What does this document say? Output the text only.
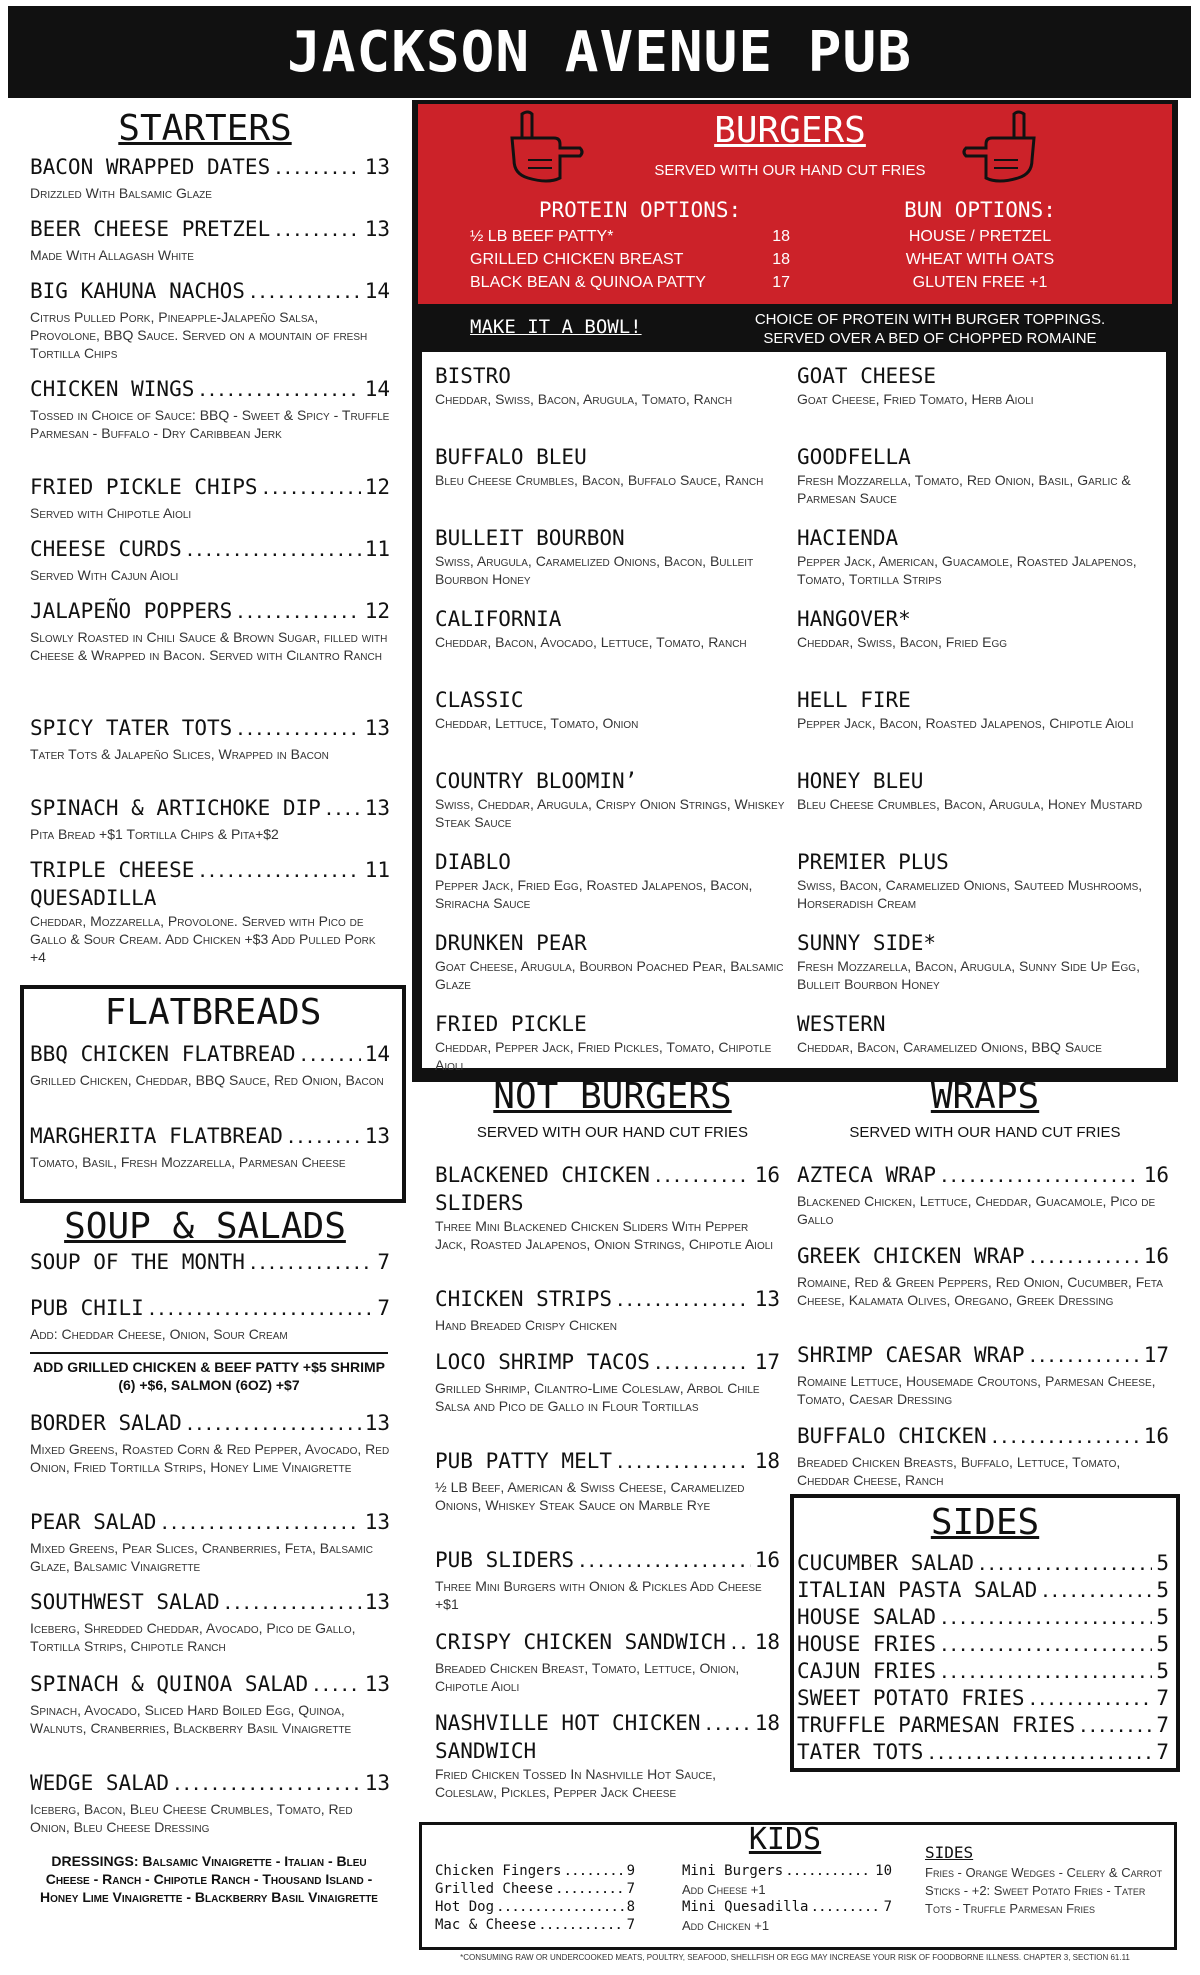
JACKSON AVENUE PUB
STARTERS
BACON WRAPPED DATES .....	13
Drizzled With Balsamic Glaze
BEER CHEESE PRETZEL .....	13
Made With Allagash White
BIG KAHUNA NACHOS .....	14
Citrus Pulled Pork, Pineapple-Jalapeño Salsa, Provolone, BBQ Sauce. Served on a mountain of fresh Tortilla Chips
CHICKEN WINGS .....	14
Tossed in Choice of Sauce: BBQ - Sweet & Spicy - Truffle Parmesan - Buffalo - Dry Caribbean Jerk
FRIED PICKLE CHIPS .....	12
Served with Chipotle Aioli
CHEESE CURDS .....	11
Served With Cajun Aioli
JALAPEÑO POPPERS .....	12
Slowly Roasted in Chili Sauce & Brown Sugar, filled with Cheese & Wrapped in Bacon. Served with Cilantro Ranch
SPICY TATER TOTS .....	13
Tater Tots & Jalapeño Slices, Wrapped in Bacon
SPINACH & ARTICHOKE DIP ..... 13
Pita Bread +$1 Tortilla Chips & Pita+$2
TRIPLE CHEESE .....	11
QUESADILLA
Cheddar, Mozzarella, Provolone. Served with Pico de Gallo & Sour Cream. Add Chicken +$3 Add Pulled Pork +4
FLATBREADS
BBQ CHICKEN FLATBREAD .....	14
Grilled Chicken, Cheddar, BBQ Sauce, Red Onion, Bacon
MARGHERITA FLATBREAD .....	13
Tomato, Basil, Fresh Mozzarella, Parmesan Cheese
SOUP & SALADS
SOUP OF THE MONTH .....	7
PUB CHILI .....	7
Add: Cheddar Cheese, Onion, Sour Cream
ADD GRILLED CHICKEN & BEEF PATTY +$5 SHRIMP (6) +$6, SALMON (6OZ) +$7
BORDER SALAD .....	13
Mixed Greens, Roasted Corn & Red Pepper, Avocado, Red Onion, Fried Tortilla Strips, Honey Lime Vinaigrette
PEAR SALAD .....	13
Mixed Greens, Pear Slices, Cranberries, Feta, Balsamic Glaze, Balsamic Vinaigrette
SOUTHWEST SALAD .....	13
Iceberg, Shredded Cheddar, Avocado, Pico de Gallo, Tortilla Strips, Chipotle Ranch
SPINACH & QUINOA SALAD .....	13
Spinach, Avocado, Sliced Hard Boiled Egg, Quinoa, Walnuts, Cranberries, Blackberry Basil Vinaigrette
WEDGE SALAD .....	13
Iceberg, Bacon, Bleu Cheese Crumbles, Tomato, Red Onion, Bleu Cheese Dressing
DRESSINGS: Balsamic Vinaigrette - Italian - Bleu Cheese - Ranch - Chipotle Ranch - Thousand Island - Honey Lime Vinaigrette - Blackberry Basil Vinaigrette
BURGERS
SERVED WITH OUR HAND CUT FRIES
PROTEIN OPTIONS:
½ LB BEEF PATTY*	18
GRILLED CHICKEN BREAST	18
BLACK BEAN & QUINOA PATTY	17
BUN OPTIONS:
HOUSE / PRETZEL
WHEAT WITH OATS
GLUTEN FREE +1
MAKE IT A BOWL!	CHOICE OF PROTEIN WITH BURGER TOPPINGS.
SERVED OVER A BED OF CHOPPED ROMAINE
BISTRO
Cheddar, Swiss, Bacon, Arugula, Tomato, Ranch
BUFFALO BLEU
Bleu Cheese Crumbles, Bacon, Buffalo Sauce, Ranch
BULLEIT BOURBON
Swiss, Arugula, Caramelized Onions, Bacon, Bulleit Bourbon Honey
CALIFORNIA
Cheddar, Bacon, Avocado, Lettuce, Tomato, Ranch
CLASSIC
Cheddar, Lettuce, Tomato, Onion
COUNTRY BLOOMIN’
Swiss, Cheddar, Arugula, Crispy Onion Strings, Whiskey Steak Sauce
DIABLO
Pepper Jack, Fried Egg, Roasted Jalapenos, Bacon, Sriracha Sauce
DRUNKEN PEAR
Goat Cheese, Arugula, Bourbon Poached Pear, Balsamic Glaze
FRIED PICKLE
Cheddar, Pepper Jack, Fried Pickles, Tomato, Chipotle Aioli
GOAT CHEESE
Goat Cheese, Fried Tomato, Herb Aioli
GOODFELLA
Fresh Mozzarella, Tomato, Red Onion, Basil, Garlic & Parmesan Sauce
HACIENDA
Pepper Jack, American, Guacamole, Roasted Jalapenos, Tomato, Tortilla Strips
HANGOVER*
Cheddar, Swiss, Bacon, Fried Egg
HELL FIRE
Pepper Jack, Bacon, Roasted Jalapenos, Chipotle Aioli
HONEY BLEU
Bleu Cheese Crumbles, Bacon, Arugula, Honey Mustard
PREMIER PLUS
Swiss, Bacon, Caramelized Onions, Sauteed Mushrooms, Horseradish Cream
SUNNY SIDE*
Fresh Mozzarella, Bacon, Arugula, Sunny Side Up Egg, Bulleit Bourbon Honey
WESTERN
Cheddar, Bacon, Caramelized Onions, BBQ Sauce
NOT BURGERS
SERVED WITH OUR HAND CUT FRIES
BLACKENED CHICKEN .....	16
SLIDERS
Three Mini Blackened Chicken Sliders With Pepper Jack, Roasted Jalapenos, Onion Strings, Chipotle Aioli
CHICKEN STRIPS .....	13
Hand Breaded Crispy Chicken
LOCO SHRIMP TACOS .....	17
Grilled Shrimp, Cilantro-Lime Coleslaw, Arbol Chile Salsa and Pico de Gallo in Flour Tortillas
PUB PATTY MELT .....	18
½ LB Beef, American & Swiss Cheese, Caramelized Onions, Whiskey Steak Sauce on Marble Rye
PUB SLIDERS .....	16
Three Mini Burgers with Onion & Pickles Add Cheese +$1
CRISPY CHICKEN SANDWICH ..... 18
Breaded Chicken Breast, Tomato, Lettuce, Onion, Chipotle Aioli
NASHVILLE HOT CHICKEN .....	18
SANDWICH
Fried Chicken Tossed In Nashville Hot Sauce, Coleslaw, Pickles, Pepper Jack Cheese
WRAPS
SERVED WITH OUR HAND CUT FRIES
AZTECA WRAP .....	16
Blackened Chicken, Lettuce, Cheddar, Guacamole, Pico de Gallo
GREEK CHICKEN WRAP .....	16
Romaine, Red & Green Peppers, Red Onion, Cucumber, Feta Cheese, Kalamata Olives, Oregano, Greek Dressing
SHRIMP CAESAR WRAP .....	17
Romaine Lettuce, Housemade Croutons, Parmesan Cheese, Tomato, Caesar Dressing
BUFFALO CHICKEN .....	16
Breaded Chicken Breasts, Buffalo, Lettuce, Tomato, Cheddar Cheese, Ranch
SIDES
CUCUMBER SALAD .....	5
ITALIAN PASTA SALAD .....	5
HOUSE SALAD .....	5
HOUSE FRIES .....	5
CAJUN FRIES .....	5
SWEET POTATO FRIES .....	7
TRUFFLE PARMESAN FRIES .....	7
TATER TOTS .....	7
KIDS
Chicken Fingers .....	9
Grilled Cheese .....	7
Hot Dog .....	8
Mac & Cheese .....	7
Mini Burgers .....	10
Add Cheese +1
Mini Quesadilla .....	7
Add Chicken +1
SIDES
Fries - Orange Wedges - Celery & Carrot Sticks - +2: Sweet Potato Fries - Tater Tots - Truffle Parmesan Fries
*CONSUMING RAW OR UNDERCOOKED MEATS, POULTRY, SEAFOOD, SHELLFISH OR EGG MAY INCREASE YOUR RISK OF FOODBORNE ILLNESS. CHAPTER 3, SECTION 61.11
